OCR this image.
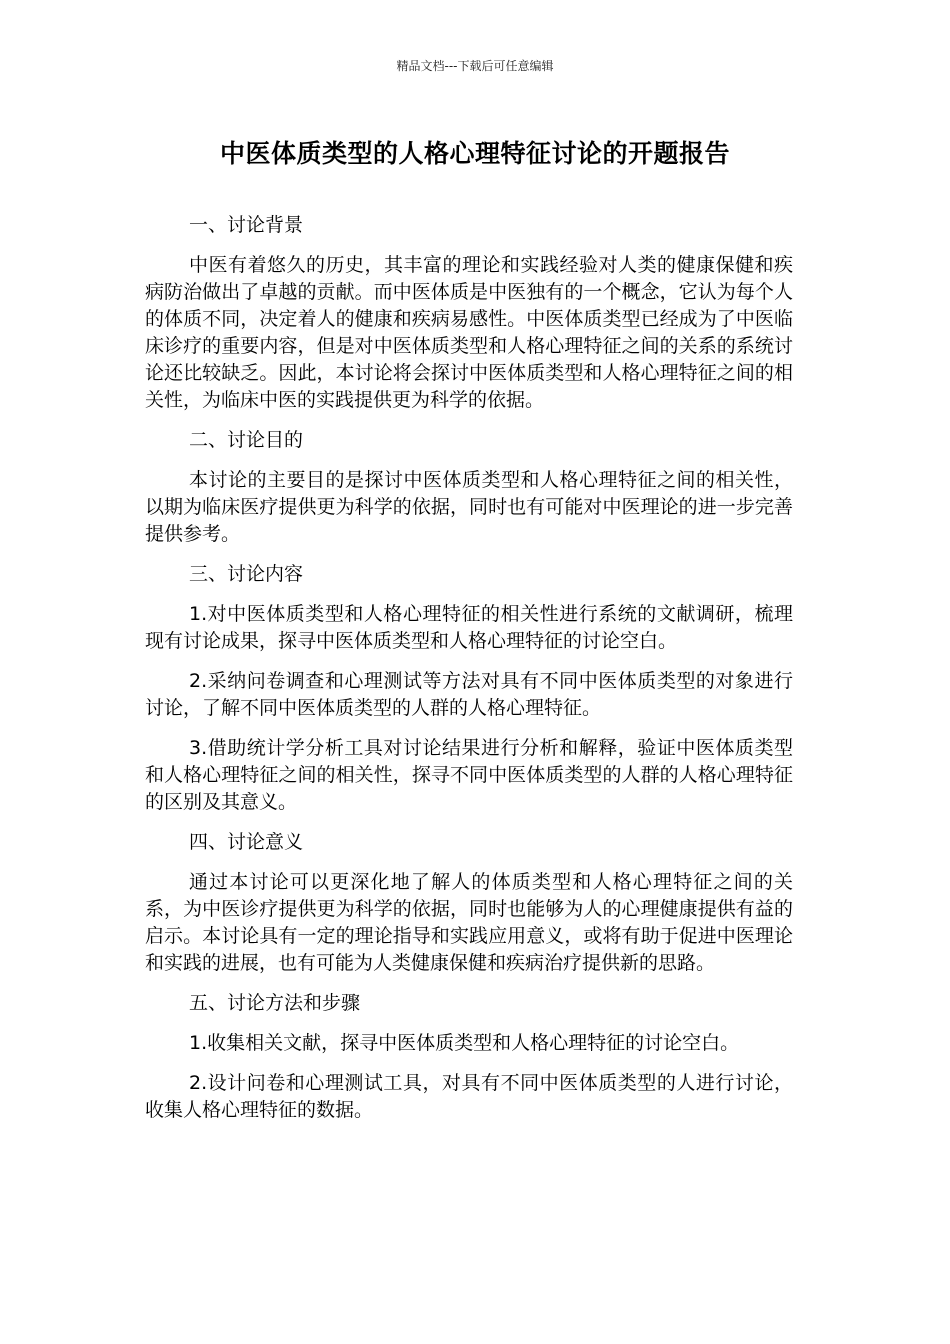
精品文档---下载后可任意编辑
中医体质类型的人格心理特征讨论的开题报告

一、讨论背景

中医有着悠久的历史，其丰富的理论和实践经验对人类的健康保健和疾病防治做出了卓越的贡献。而中医体质是中医独有的一个概念，它认为每个人的体质不同，决定着人的健康和疾病易感性。中医体质类型已经成为了中医临床诊疗的重要内容，但是对中医体质类型和人格心理特征之间的关系的系统讨论还比较缺乏。因此，本讨论将会探讨中医体质类型和人格心理特征之间的相关性，为临床中医的实践提供更为科学的依据。

二、讨论目的

本讨论的主要目的是探讨中医体质类型和人格心理特征之间的相关性，以期为临床医疗提供更为科学的依据，同时也有可能对中医理论的进一步完善提供参考。

三、讨论内容

1.对中医体质类型和人格心理特征的相关性进行系统的文献调研，梳理现有讨论成果，探寻中医体质类型和人格心理特征的讨论空白。

2.采纳问卷调查和心理测试等方法对具有不同中医体质类型的对象进行讨论，了解不同中医体质类型的人群的人格心理特征。

3.借助统计学分析工具对讨论结果进行分析和解释，验证中医体质类型和人格心理特征之间的相关性，探寻不同中医体质类型的人群的人格心理特征的区别及其意义。

四、讨论意义

通过本讨论可以更深化地了解人的体质类型和人格心理特征之间的关系，为中医诊疗提供更为科学的依据，同时也能够为人的心理健康提供有益的启示。本讨论具有一定的理论指导和实践应用意义，或将有助于促进中医理论和实践的进展，也有可能为人类健康保健和疾病治疗提供新的思路。

五、讨论方法和步骤

1.收集相关文献，探寻中医体质类型和人格心理特征的讨论空白。

2.设计问卷和心理测试工具，对具有不同中医体质类型的人进行讨论，收集人格心理特征的数据。
